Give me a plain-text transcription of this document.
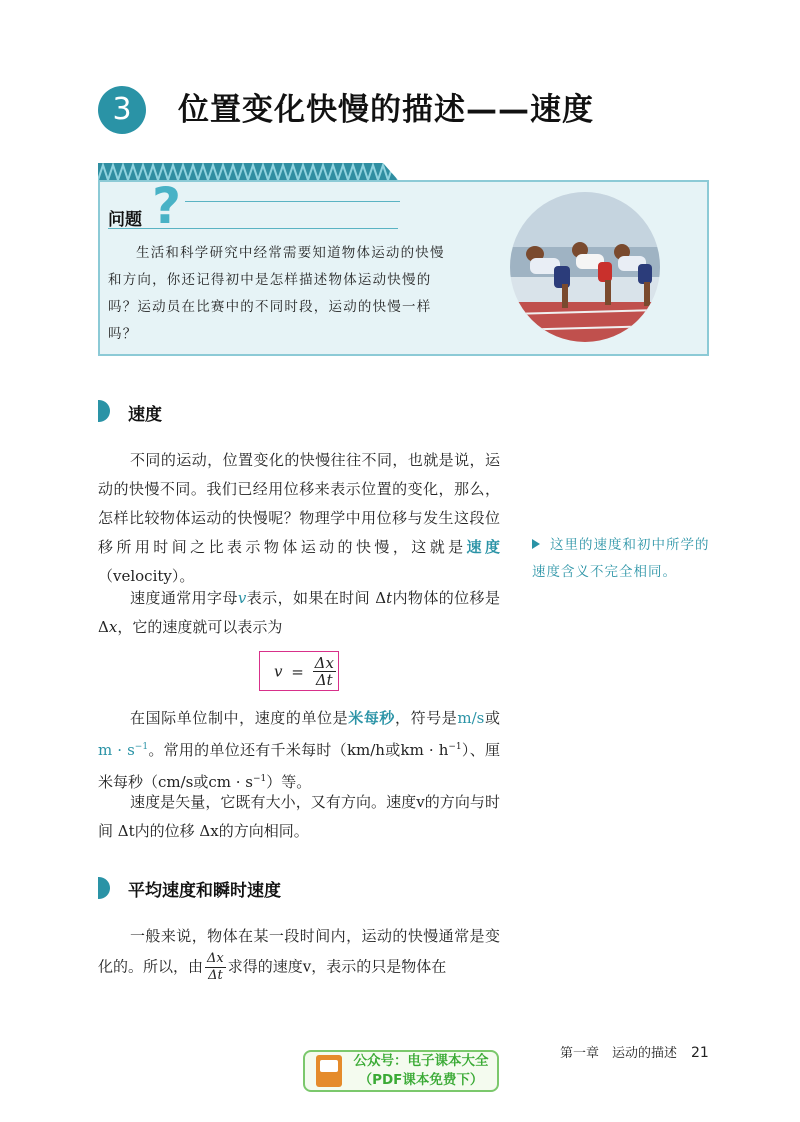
3	位置变化快慢的描述——速度
?
问题
生活和科学研究中经常需要知道物体运动的快慢和方向，你还记得初中是怎样描述物体运动快慢的吗？运动员在比赛中的不同时段，运动的快慢一样吗？
速度
不同的运动，位置变化的快慢往往不同，也就是说，运动的快慢不同。我们已经用位移来表示位置的变化，那么，怎样比较物体运动的快慢呢？物理学中用位移与发生这段位移所用时间之比表示物体运动的快慢，这就是速度（velocity）。
速度通常用字母v表示，如果在时间 Δt内物体的位移是 Δx，它的速度就可以表示为
$v = \frac{\Delta x}{\Delta t}$
在国际单位制中，速度的单位是米每秒，符号是m/s或$m \cdot s^{-1}$。常用的单位还有千米每时（km/h或km · $h^{-1}$）、厘米每秒（cm/s或cm · $s^{-1}$）等。
速度是矢量，它既有大小，又有方向。速度v的方向与时间 Δt内的位移 Δx的方向相同。
这里的速度和初中所学的速度含义不完全相同。
平均速度和瞬时速度
一般来说，物体在某一段时间内，运动的快慢通常是变化的。所以，由 $\frac{\Delta x}{\Delta t}$ 求得的速度v，表示的只是物体在
第一章　运动的描述 21
公众号：电子课本大全
（PDF课本免费下）
